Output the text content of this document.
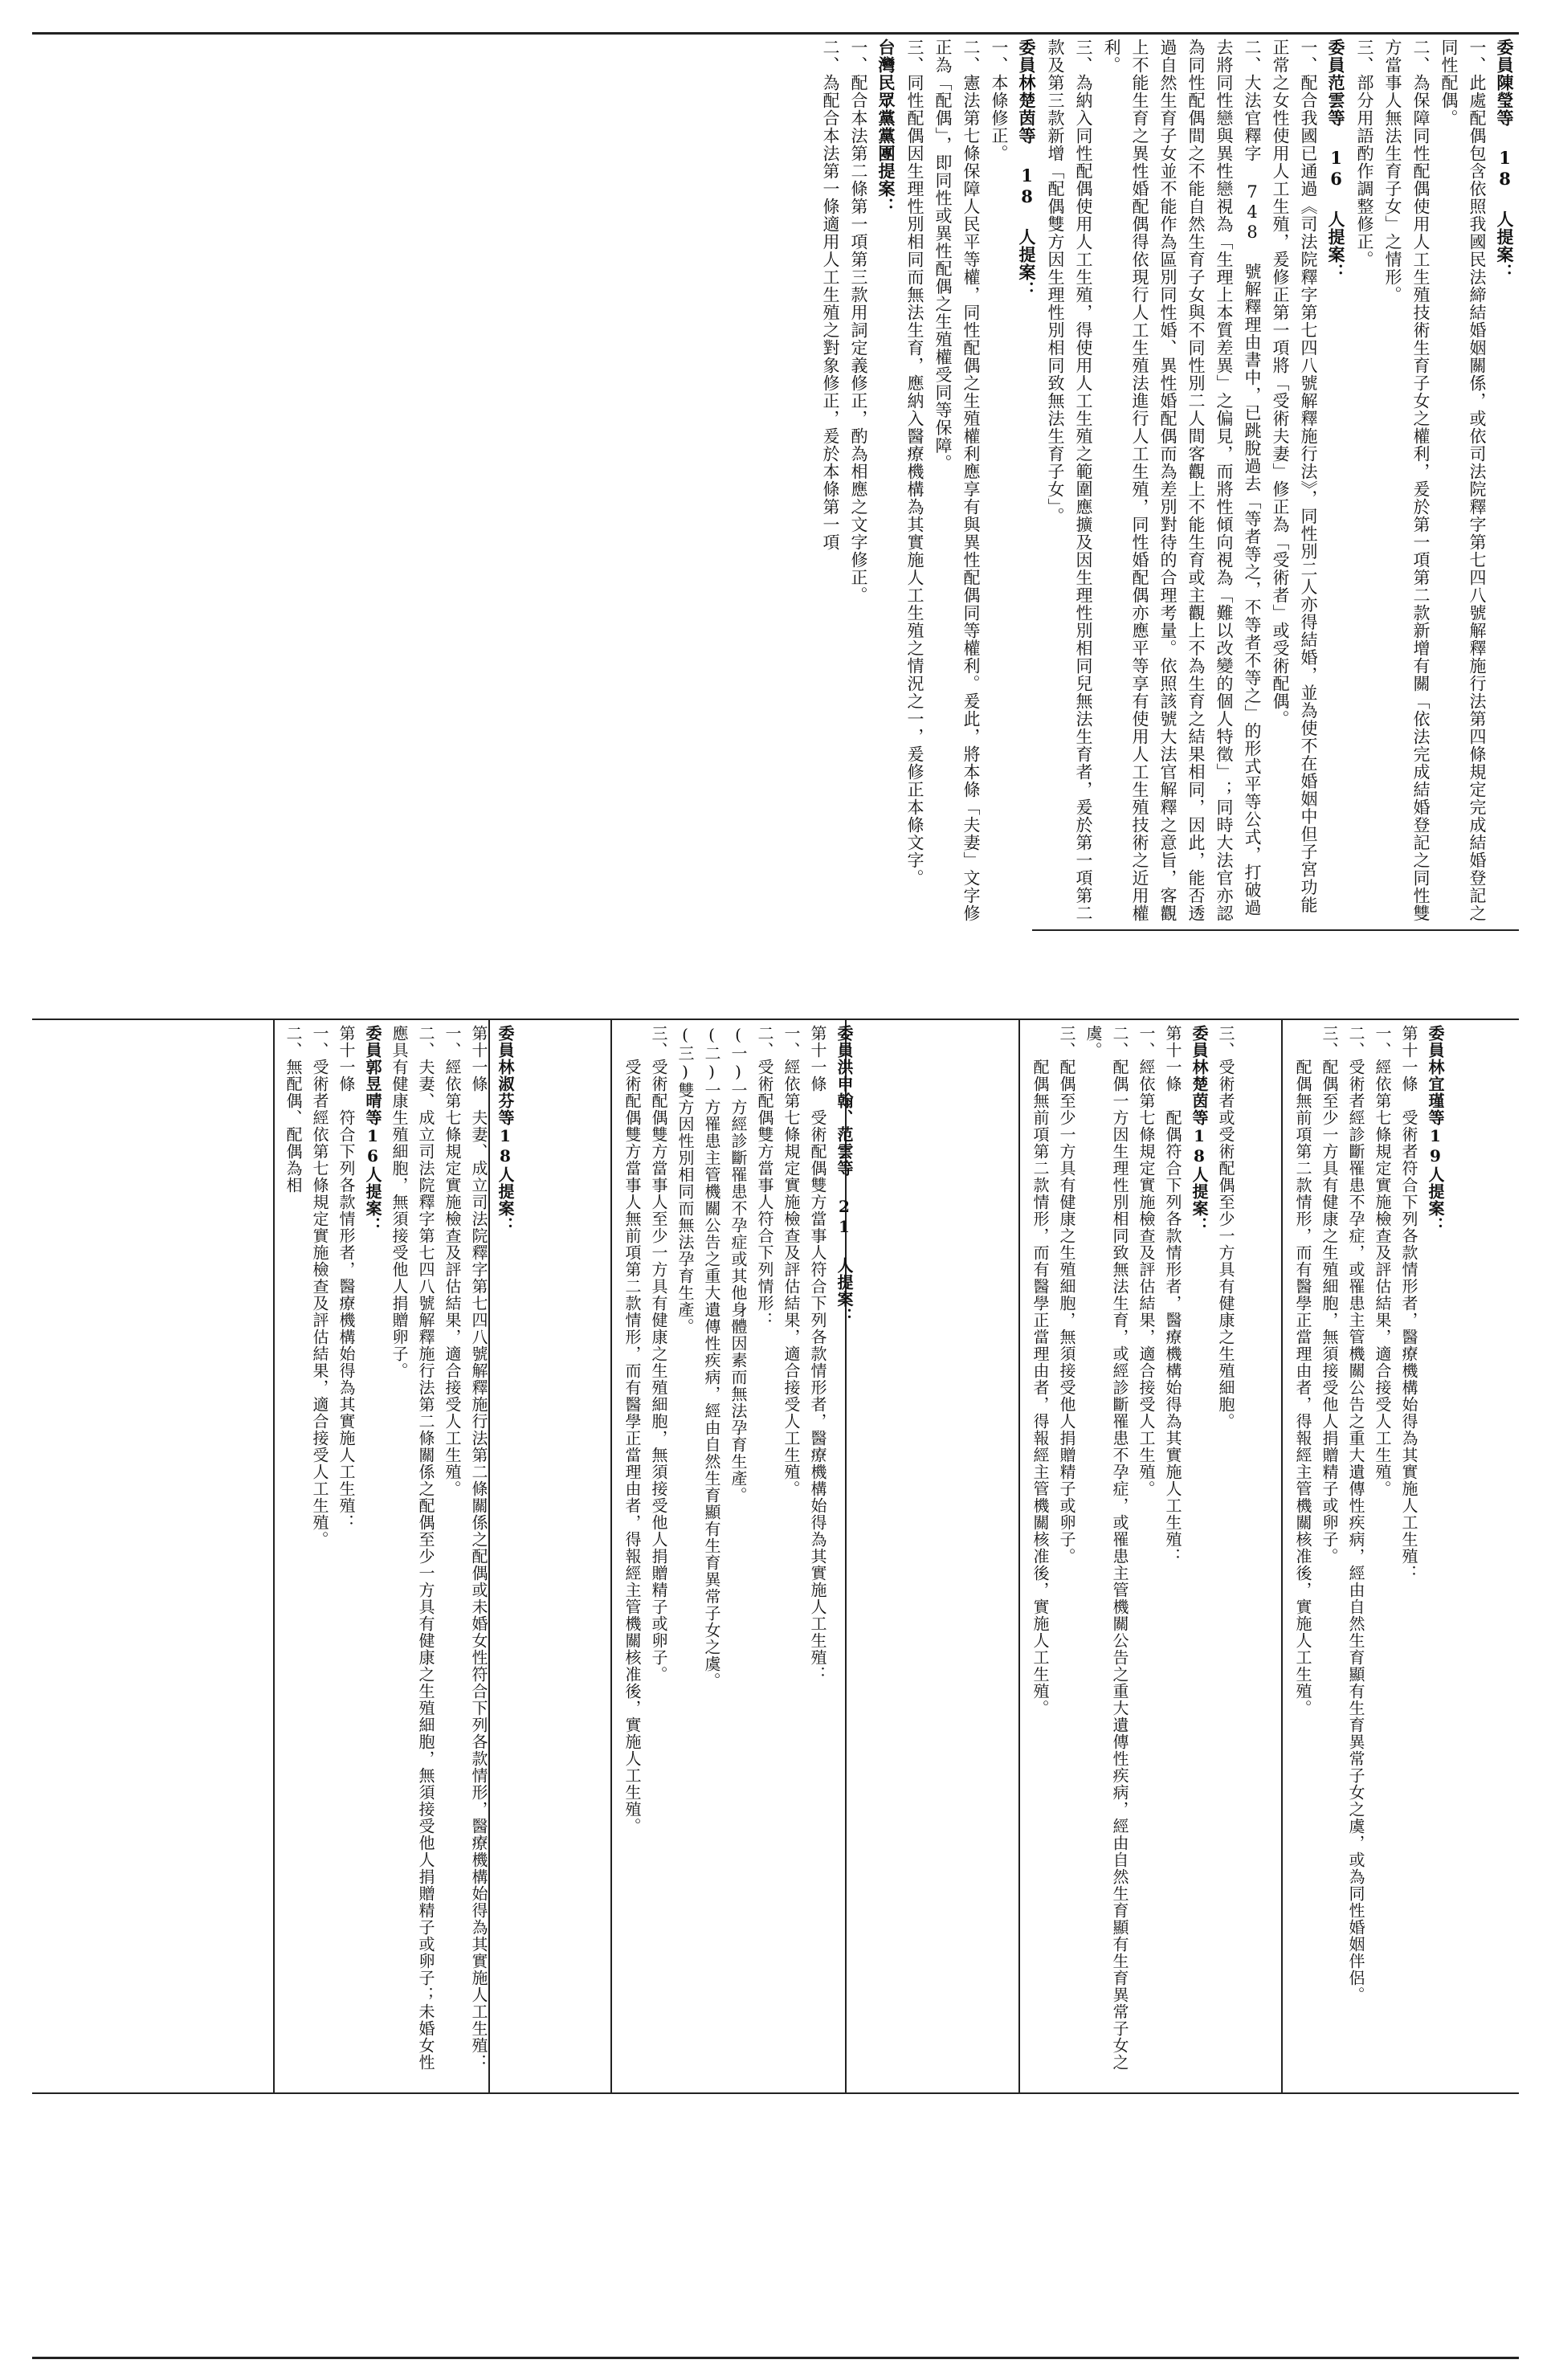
委員陳瑩等 18 人提案：
一、此處配偶包含依照我國民法締結婚姻關係，或依司法院釋字第七四八號解釋施行法第四條規定完成結婚登記之同性配偶。
二、為保障同性配偶使用人工生殖技術生育子女之權利，爰於第一項第二款新增有關「依法完成結婚登記之同性雙方當事人無法生育子女」之情形。
三、部分用語酌作調整修正。
委員范雲等 16 人提案：
一、配合我國已通過《司法院釋字第七四八號解釋施行法》，同性別二人亦得結婚，並為使不在婚姻中但子宮功能正常之女性使用人工生殖，爰修正第一項將「受術夫妻」修正為「受術者」或受術配偶。
二、大法官釋字 748 號解釋理由書中，已跳脫過去「等者等之，不等者不等之」的形式平等公式，打破過去將同性戀與異性戀視為「生理上本質差異」之偏見，而將性傾向視為「難以改變的個人特徵」；同時大法官亦認為同性配偶間之不能自然生育子女與不同性別二人間客觀上不能生育或主觀上不為生育之結果相同，因此，能否透過自然生育子女並不能作為區別同性婚、異性婚配偶而為差別對待的合理考量。依照該號大法官解釋之意旨，客觀上不能生育之異性婚配偶得依現行人工生殖法進行人工生殖，同性婚配偶亦應平等享有使用人工生殖技術之近用權利。
三、為納入同性配偶使用人工生殖，得使用人工生殖之範圍應擴及因生理性別相同兒無法生育者，爰於第一項第二款及第三款新增「配偶雙方因生理性別相同致無法生育子女」。
委員林楚茵等 18 人提案：
一、本條修正。
二、憲法第七條保障人民平等權，同性配偶之生殖權利應享有與異性配偶同等權利。爰此，將本條「夫妻」文字修正為「配偶」，即同性或異性配偶之生殖權受同等保障。
三、同性配偶因生理性別相同而無法生育，應納入醫療機構為其實施人工生殖之情況之一，爰修正本條文字。
台灣民眾黨黨團提案：
一、配合本法第二條第一項第三款用詞定義修正，酌為相應之文字修正。
二、為配合本法第一條適用人工生殖之對象修正，爰於本條第一項
委員林宜瑾等19人提案：
第十一條　受術者符合下列各款情形者，醫療機構始得為其實施人工生殖：
一、經依第七條規定實施檢查及評估結果，適合接受人工生殖。
二、受術者經診斷罹患不孕症，或罹患主管機關公告之重大遺傳性疾病，經由自然生育顯有生育異常子女之虞，或為同性婚姻伴侶。
三、配偶至少一方具有健康之生殖細胞，無須接受他人捐贈精子或卵子。
　　配偶無前項第二款情形，而有醫學正當理由者，得報經主管機關核准後，實施人工生殖。
三、受術者或受術配偶至少一方具有健康之生殖細胞。
委員林楚茵等18人提案：
第十一條　配偶符合下列各款情形者，醫療機構始得為其實施人工生殖：
一、經依第七條規定實施檢查及評估結果，適合接受人工生殖。
二、配偶一方因生理性別相同致無法生育，或經診斷罹患不孕症，或罹患主管機關公告之重大遺傳性疾病，經由自然生育顯有生育異常子女之虞。
三、配偶至少一方具有健康之生殖細胞，無須接受他人捐贈精子或卵子。
　　配偶無前項第二款情形，而有醫學正當理由者，得報經主管機關核准後，實施人工生殖。
委員洪申翰、范雲等 21 人提案：
第十一條　受術配偶雙方當事人符合下列各款情形者，醫療機構始得為其實施人工生殖：
一、經依第七條規定實施檢查及評估結果，適合接受人工生殖。
二、受術配偶雙方當事人符合下列情形：
(一)一方經診斷罹患不孕症或其他身體因素而無法孕育生產。
(二)一方罹患主管機關公告之重大遺傳性疾病，經由自然生育顯有生育異常子女之虞。
(三)雙方因性別相同而無法孕育生產。
三、受術配偶雙方當事人至少一方具有健康之生殖細胞，無須接受他人捐贈精子或卵子。
　　受術配偶雙方當事人無前項第二款情形，而有醫學正當理由者，得報經主管機關核准後，實施人工生殖。
委員林淑芬等18人提案：
第十一條　夫妻、成立司法院釋字第七四八號解釋施行法第二條關係之配偶或未婚女性符合下列各款情形，醫療機構始得為其實施人工生殖：
一、經依第七條規定實施檢查及評估結果，適合接受人工生殖。
二、夫妻、成立司法院釋字第七四八號解釋施行法第二條關係之配偶至少一方具有健康之生殖細胞，無須接受他人捐贈精子或卵子；未婚女性應具有健康生殖細胞，無須接受他人捐贈卵子。
委員郭昱晴等16人提案：
第十一條　符合下列各款情形者，醫療機構始得為其實施人工生殖：
一、受術者經依第七條規定實施檢查及評估結果，適合接受人工生殖。
二、無配偶、配偶為相
